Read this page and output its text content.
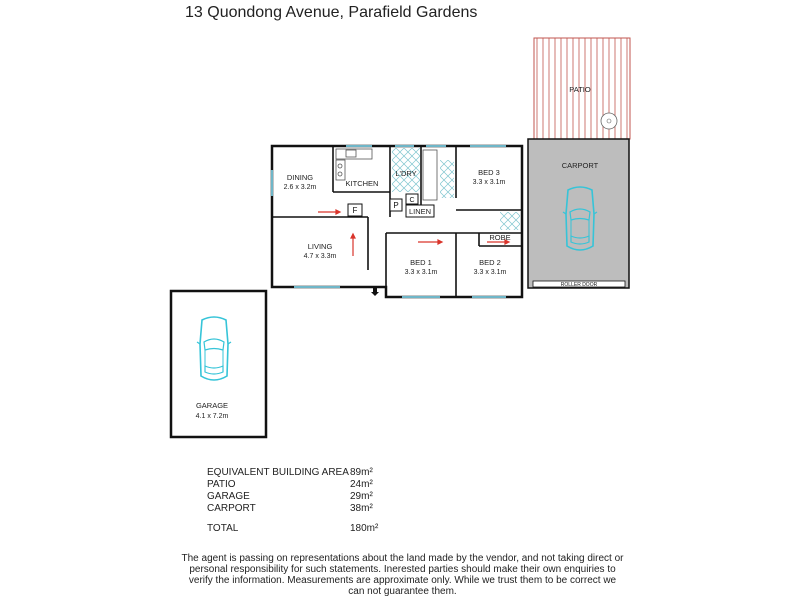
13 Quondong Avenue, Parafield Gardens
PATIO
CARPORT
ROLLER DOOR
F
P
C
LINEN
DINING
2.6 x 3.2m	KITCHEN
L'DRY	BED 3
3.3 x 3.1m
LIVING
4.7 x 3.3m
ROBE
BED 1
3.3 x 3.1m
BED 2
3.3 x 3.1m
GARAGE
4.1 x 7.2m
EQUIVALENT BUILDING AREA 89m²
PATIO	24m²
GARAGE	29m²
CARPORT	38m²
TOTAL	180m²
The agent is passing on representations about the land made by the vendor, and not taking direct or personal responsibility for such statements. Inerested parties should make their own enquiries to verify the information. Measurements are approximate only. While we trust them to be correct we can not guarantee them.
